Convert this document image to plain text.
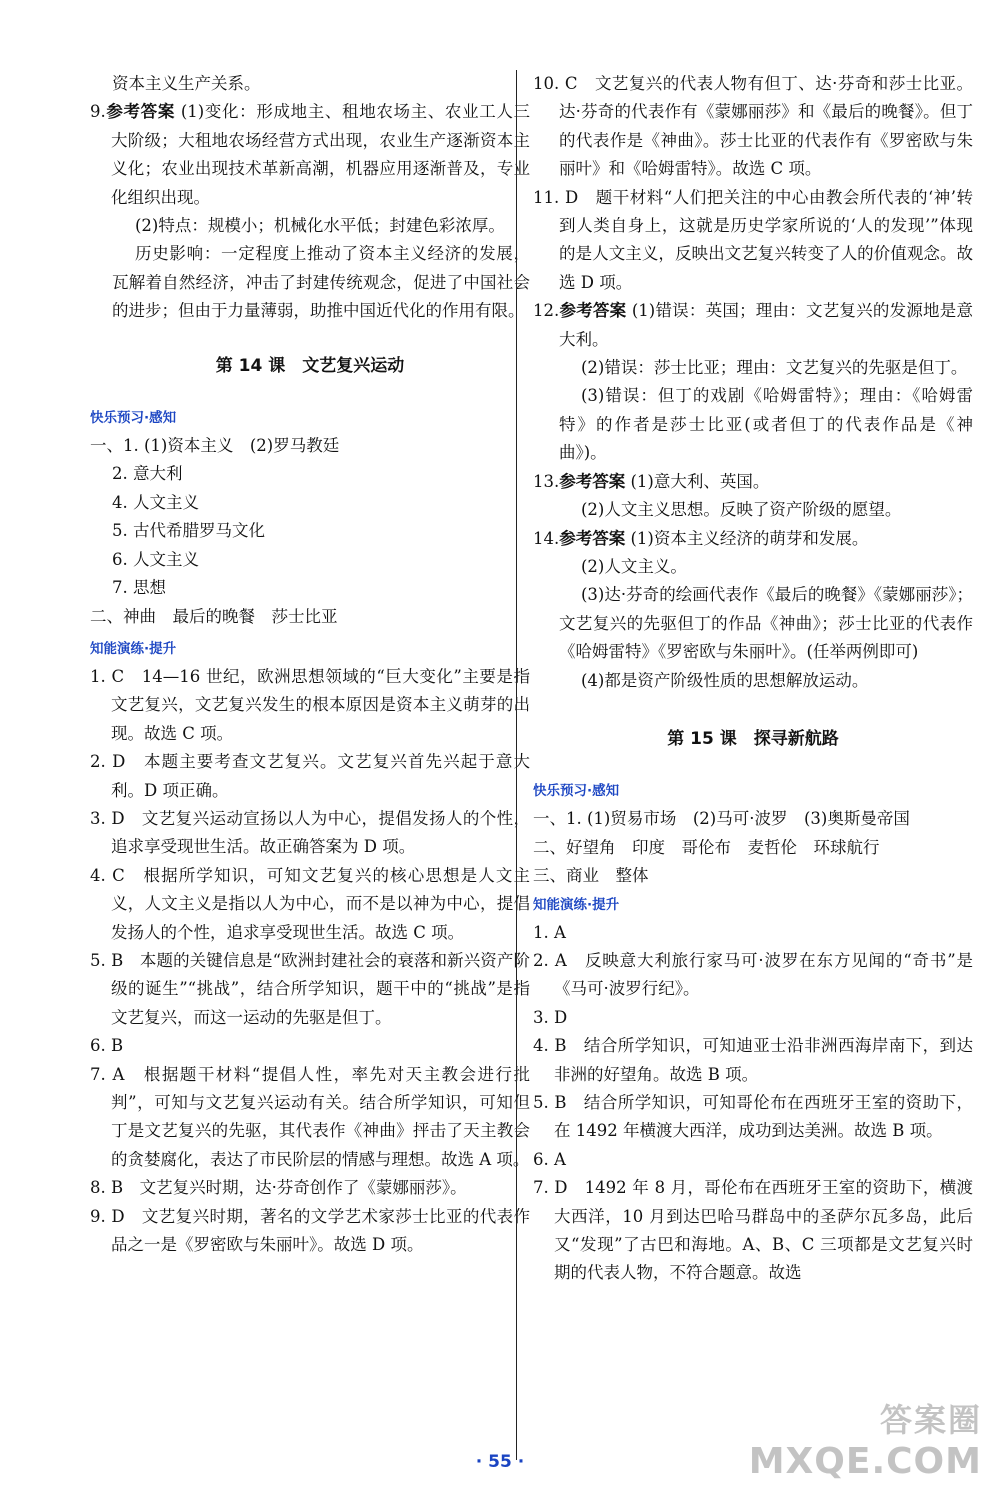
资本主义生产关系。
9.参考答案 (1)变化：形成地主、租地农场主、农业工人三大阶级；大租地农场经营方式出现，农业生产逐渐资本主义化；农业出现技术革新高潮，机器应用逐渐普及，专业化组织出现。
(2)特点：规模小；机械化水平低；封建色彩浓厚。
历史影响：一定程度上推动了资本主义经济的发展，瓦解着自然经济，冲击了封建传统观念，促进了中国社会的进步；但由于力量薄弱，助推中国近代化的作用有限。
第 14 课　文艺复兴运动
快乐预习·感知
一、1. (1)资本主义　(2)罗马教廷
2. 意大利
4. 人文主义
5. 古代希腊罗马文化
6. 人文主义
7. 思想
二、神曲　最后的晚餐　莎士比亚
知能演练·提升
1. C　14—16 世纪，欧洲思想领域的“巨大变化”主要是指文艺复兴，文艺复兴发生的根本原因是资本主义萌芽的出现。故选 C 项。
2. D　本题主要考查文艺复兴。文艺复兴首先兴起于意大利。D 项正确。
3. D　文艺复兴运动宣扬以人为中心，提倡发扬人的个性，追求享受现世生活。故正确答案为 D 项。
4. C　根据所学知识，可知文艺复兴的核心思想是人文主义，人文主义是指以人为中心，而不是以神为中心，提倡发扬人的个性，追求享受现世生活。故选 C 项。
5. B　本题的关键信息是“欧洲封建社会的衰落和新兴资产阶级的诞生”“挑战”，结合所学知识，题干中的“挑战”是指文艺复兴，而这一运动的先驱是但丁。
6. B
7. A　根据题干材料“提倡人性，率先对天主教会进行批判”，可知与文艺复兴运动有关。结合所学知识，可知但丁是文艺复兴的先驱，其代表作《神曲》抨击了天主教会的贪婪腐化，表达了市民阶层的情感与理想。故选 A 项。
8. B　文艺复兴时期，达·芬奇创作了《蒙娜丽莎》。
9. D　文艺复兴时期，著名的文学艺术家莎士比亚的代表作品之一是《罗密欧与朱丽叶》。故选 D 项。
10. C　文艺复兴的代表人物有但丁、达·芬奇和莎士比亚。达·芬奇的代表作有《蒙娜丽莎》和《最后的晚餐》。但丁的代表作是《神曲》。莎士比亚的代表作有《罗密欧与朱丽叶》和《哈姆雷特》。故选 C 项。
11. D　题干材料“人们把关注的中心由教会所代表的‘神’转到人类自身上，这就是历史学家所说的‘人的发现’”体现的是人文主义，反映出文艺复兴转变了人的价值观念。故选 D 项。
12.参考答案 (1)错误：英国；理由：文艺复兴的发源地是意大利。
(2)错误：莎士比亚；理由：文艺复兴的先驱是但丁。
(3)错误：但丁的戏剧《哈姆雷特》；理由：《哈姆雷特》的作者是莎士比亚(或者但丁的代表作品是《神曲》)。
13.参考答案 (1)意大利、英国。
(2)人文主义思想。反映了资产阶级的愿望。
14.参考答案 (1)资本主义经济的萌芽和发展。
(2)人文主义。
(3)达·芬奇的绘画代表作《最后的晚餐》《蒙娜丽莎》；文艺复兴的先驱但丁的作品《神曲》；莎士比亚的代表作《哈姆雷特》《罗密欧与朱丽叶》。(任举两例即可)
(4)都是资产阶级性质的思想解放运动。
第 15 课　探寻新航路
快乐预习·感知
一、1. (1)贸易市场　(2)马可·波罗　(3)奥斯曼帝国
二、好望角　印度　哥伦布　麦哲伦　环球航行
三、商业　整体
知能演练·提升
1. A
2. A　反映意大利旅行家马可·波罗在东方见闻的“奇书”是《马可·波罗行纪》。
3. D
4. B　结合所学知识，可知迪亚士沿非洲西海岸南下，到达非洲的好望角。故选 B 项。
5. B　结合所学知识，可知哥伦布在西班牙王室的资助下，在 1492 年横渡大西洋，成功到达美洲。故选 B 项。
6. A
7. D　1492 年 8 月，哥伦布在西班牙王室的资助下，横渡大西洋，10 月到达巴哈马群岛中的圣萨尔瓦多岛，此后又“发现”了古巴和海地。A、B、C 三项都是文艺复兴时期的代表人物，不符合题意。故选
· 55 ·
答案圈
MXQE.COM
